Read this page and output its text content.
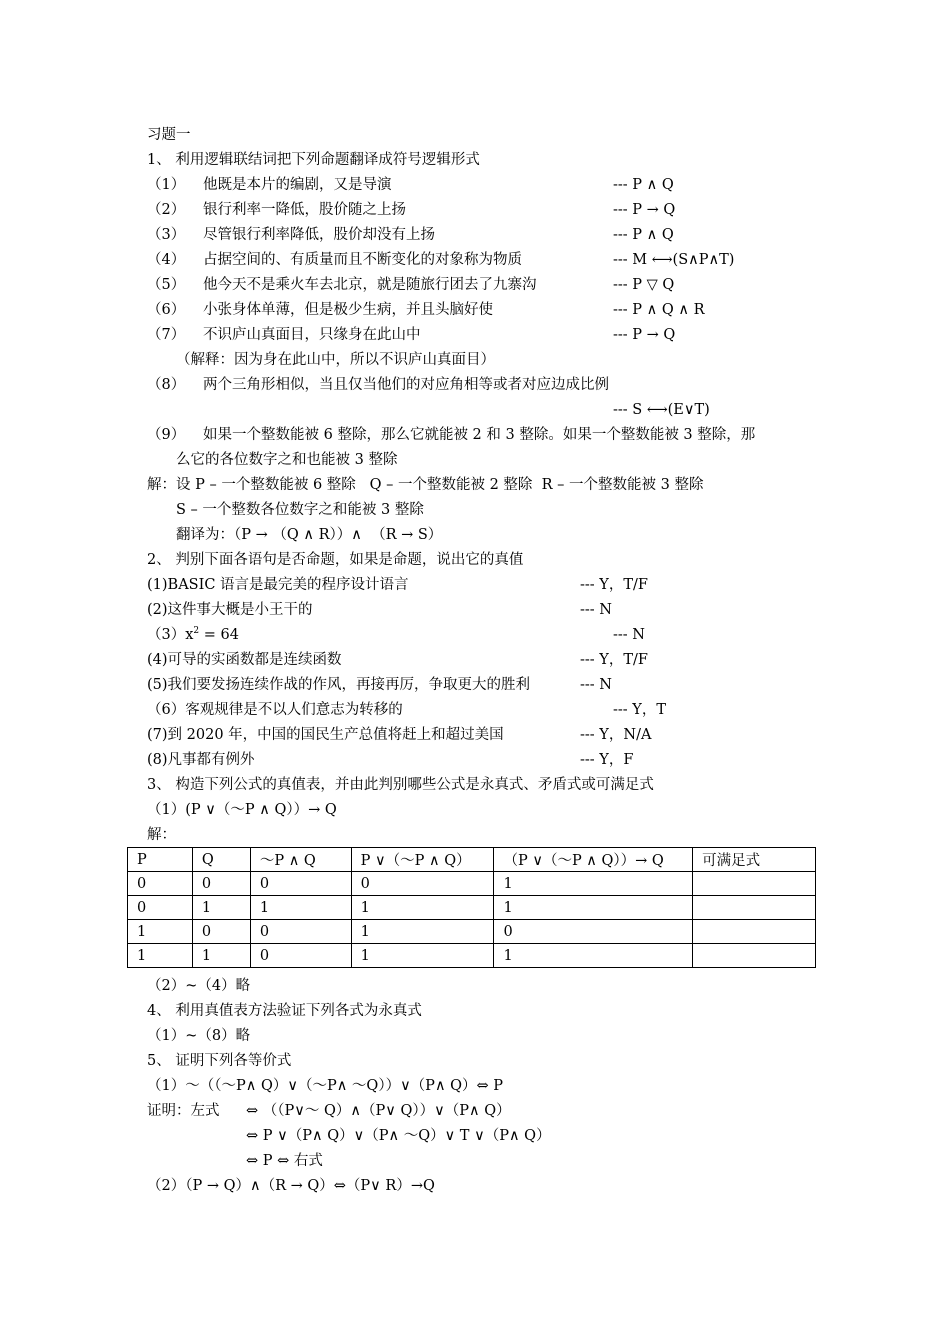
习题一
1、 利用逻辑联结词把下列命题翻译成符号逻辑形式
（1） 他既是本片的编剧，又是导演	--- P ∧ Q
（2） 银行利率一降低，股价随之上扬	--- P → Q
（3） 尽管银行利率降低，股价却没有上扬	--- P ∧ Q
（4） 占据空间的、有质量而且不断变化的对象称为物质	--- M ⟷(S∧P∧T)
（5） 他今天不是乘火车去北京，就是随旅行团去了九寨沟	--- P ▽ Q
（6） 小张身体单薄，但是极少生病，并且头脑好使	--- P ∧ Q ∧ R
（7） 不识庐山真面目，只缘身在此山中	--- P → Q
（解释：因为身在此山中，所以不识庐山真面目）
（8） 两个三角形相似，当且仅当他们的对应角相等或者对应边成比例
--- S ⟷(E∨T)
（9） 如果一个整数能被 6 整除，那么它就能被 2 和 3 整除。如果一个整数能被 3 整除，那
么它的各位数字之和也能被 3 整除
解：设 P – 一个整数能被 6 整除   Q – 一个整数能被 2 整除  R – 一个整数能被 3 整除
S – 一个整数各位数字之和能被 3 整除
翻译为：（P → （Q ∧ R））∧  （R → S）
2、 判别下面各语句是否命题，如果是命题，说出它的真值
(1)BASIC 语言是最完美的程序设计语言	--- Y，T/F
(2)这件事大概是小王干的	--- N
$(3)x^2 = 64$	--- N
(4)可导的实函数都是连续函数	--- Y，T/F
(5)我们要发扬连续作战的作风，再接再厉，争取更大的胜利	--- N
（6）客观规律是不以人们意志为转移的	--- Y，T
(7)到 2020 年，中国的国民生产总值将赶上和超过美国	--- Y，N/A
(8)凡事都有例外	--- Y，F
3、 构造下列公式的真值表，并由此判别哪些公式是永真式、矛盾式或可满足式
（1）(P ∨（～P ∧ Q））→ Q
解：
P	Q	～P ∧ Q	P ∨（～P ∧ Q）	（P ∨（～P ∧ Q））→ Q	可满足式
0	0	0	0	1	
0	1	1	1	1	
1	0	0	1	0	
1	1	0	1	1	
（2）~（4）略
4、 利用真值表方法验证下列各式为永真式
（1）~（8）略
5、 证明下列各等价式
（1）～（（～P∧ Q）∨（～P∧ ～Q））∨（P∧ Q）⇔ P
证明：左式 ⇔ （（P∨～ Q）∧（P∨ Q））∨（P∧ Q）
⇔ P ∨（P∧ Q）∨（P∧ ～Q）∨ T ∨（P∧ Q）
⇔ P ⇔ 右式
（2）（P → Q）∧（R → Q）⇔（P∨ R）→Q
